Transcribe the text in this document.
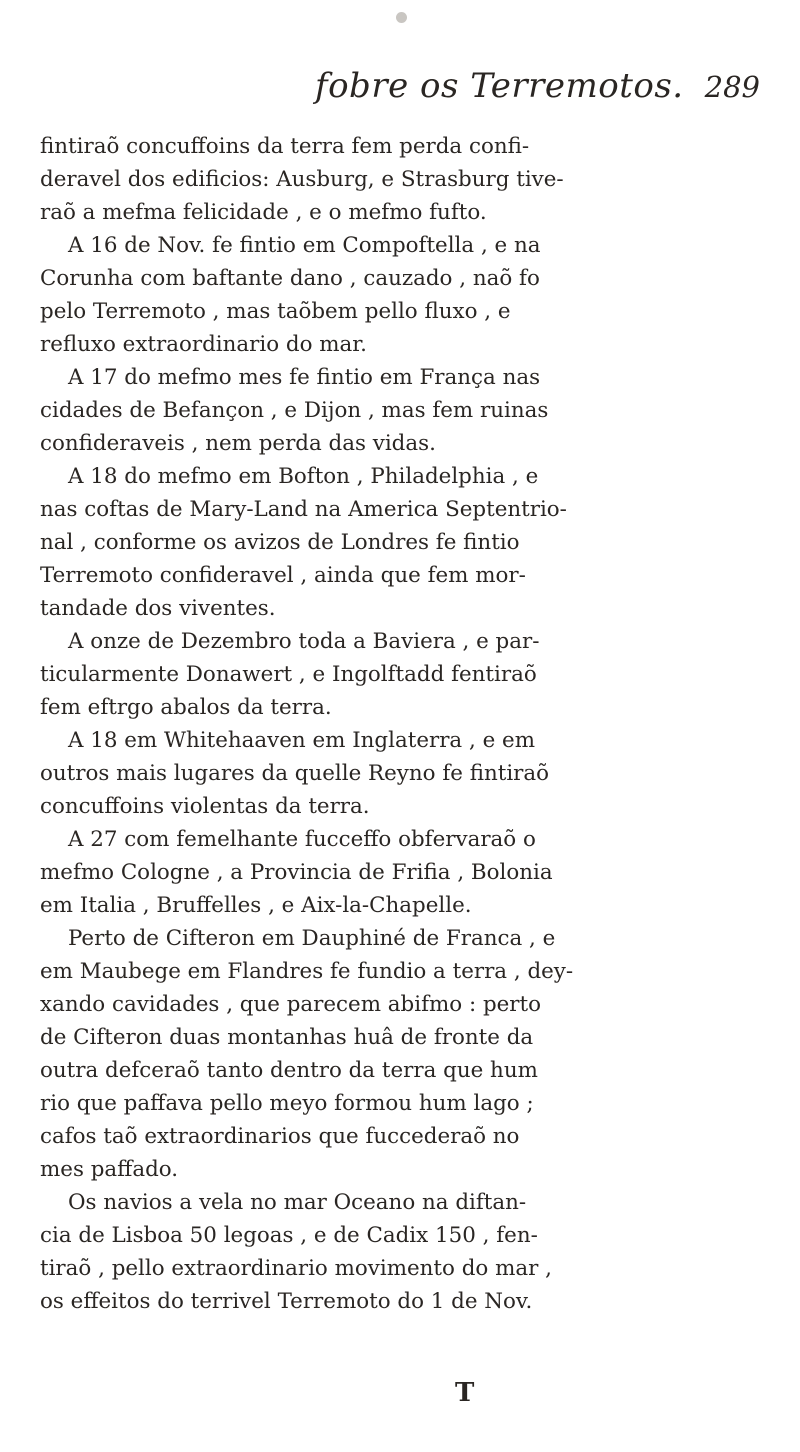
fobre os Terremotos. 289
fintiraõ concuffoins da terra fem perda confi-
deravel dos edificios: Ausburg, e Strasburg tive-
raõ a mefma felicidade , e o mefmo fufto.
A 16 de Nov. fe fintio em Compoftella , e na
Corunha com baftante dano , cauzado , naõ fo
pelo Terremoto , mas taõbem pello fluxo , e
refluxo extraordinario do mar.
A 17 do mefmo mes fe fintio em França nas
cidades de Befançon , e Dijon , mas fem ruinas
confideraveis , nem perda das vidas.
A 18 do mefmo em Bofton , Philadelphia , e
nas coftas de Mary-Land na America Septentrio-
nal , conforme os avizos de Londres fe fintio
Terremoto confideravel , ainda que fem mor-
tandade dos viventes.
A onze de Dezembro toda a Baviera , e par-
ticularmente Donawert , e Ingolftadd fentiraõ
fem eftrgo abalos da terra.
A 18 em Whitehaaven em Inglaterra , e em
outros mais lugares da quelle Reyno fe fintiraõ
concuffoins violentas da terra.
A 27 com femelhante fucceffo obfervaraõ o
mefmo Cologne , a Provincia de Frifia , Bolonia
em Italia , Bruffelles , e Aix-la-Chapelle.
Perto de Cifteron em Dauphiné de Franca , e
em Maubege em Flandres fe fundio a terra , dey-
xando cavidades , que parecem abifmo : perto
de Cifteron duas montanhas huâ de fronte da
outra defceraõ tanto dentro da terra que hum
rio que paffava pello meyo formou hum lago ;
cafos taõ extraordinarios que fuccederaõ no
mes paffado.
Os navios a vela no mar Oceano na diftan-
cia de Lisboa 50 legoas , e de Cadix 150 , fen-
tiraõ , pello extraordinario movimento do mar ,
os effeitos do terrivel Terremoto do 1 de Nov.
T
